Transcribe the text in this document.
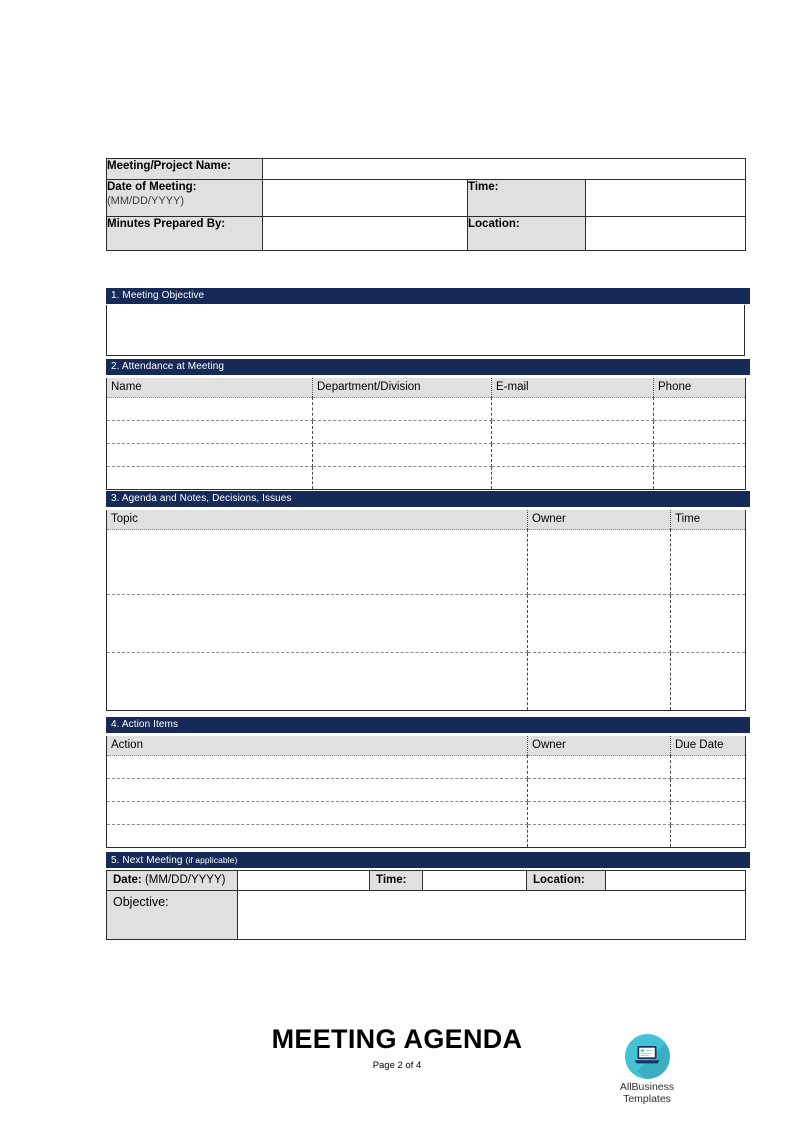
Meeting/Project Name:			
Date of Meeting:
(MM/DD/YYYY)		Time:	
Minutes Prepared By:		Location:	
1. Meeting Objective
2. Attendance at Meeting
Name	Department/Division	E-mail	Phone

3. Agenda and Notes, Decisions, Issues
Topic	Owner	Time

4. Action Items
Action	Owner	Due Date

5. Next Meeting (if applicable)
Date: (MM/DD/YYYY)		Time:		Location:	
Objective:					
MEETING AGENDA
Page 2 of 4
AllBusiness
Templates
